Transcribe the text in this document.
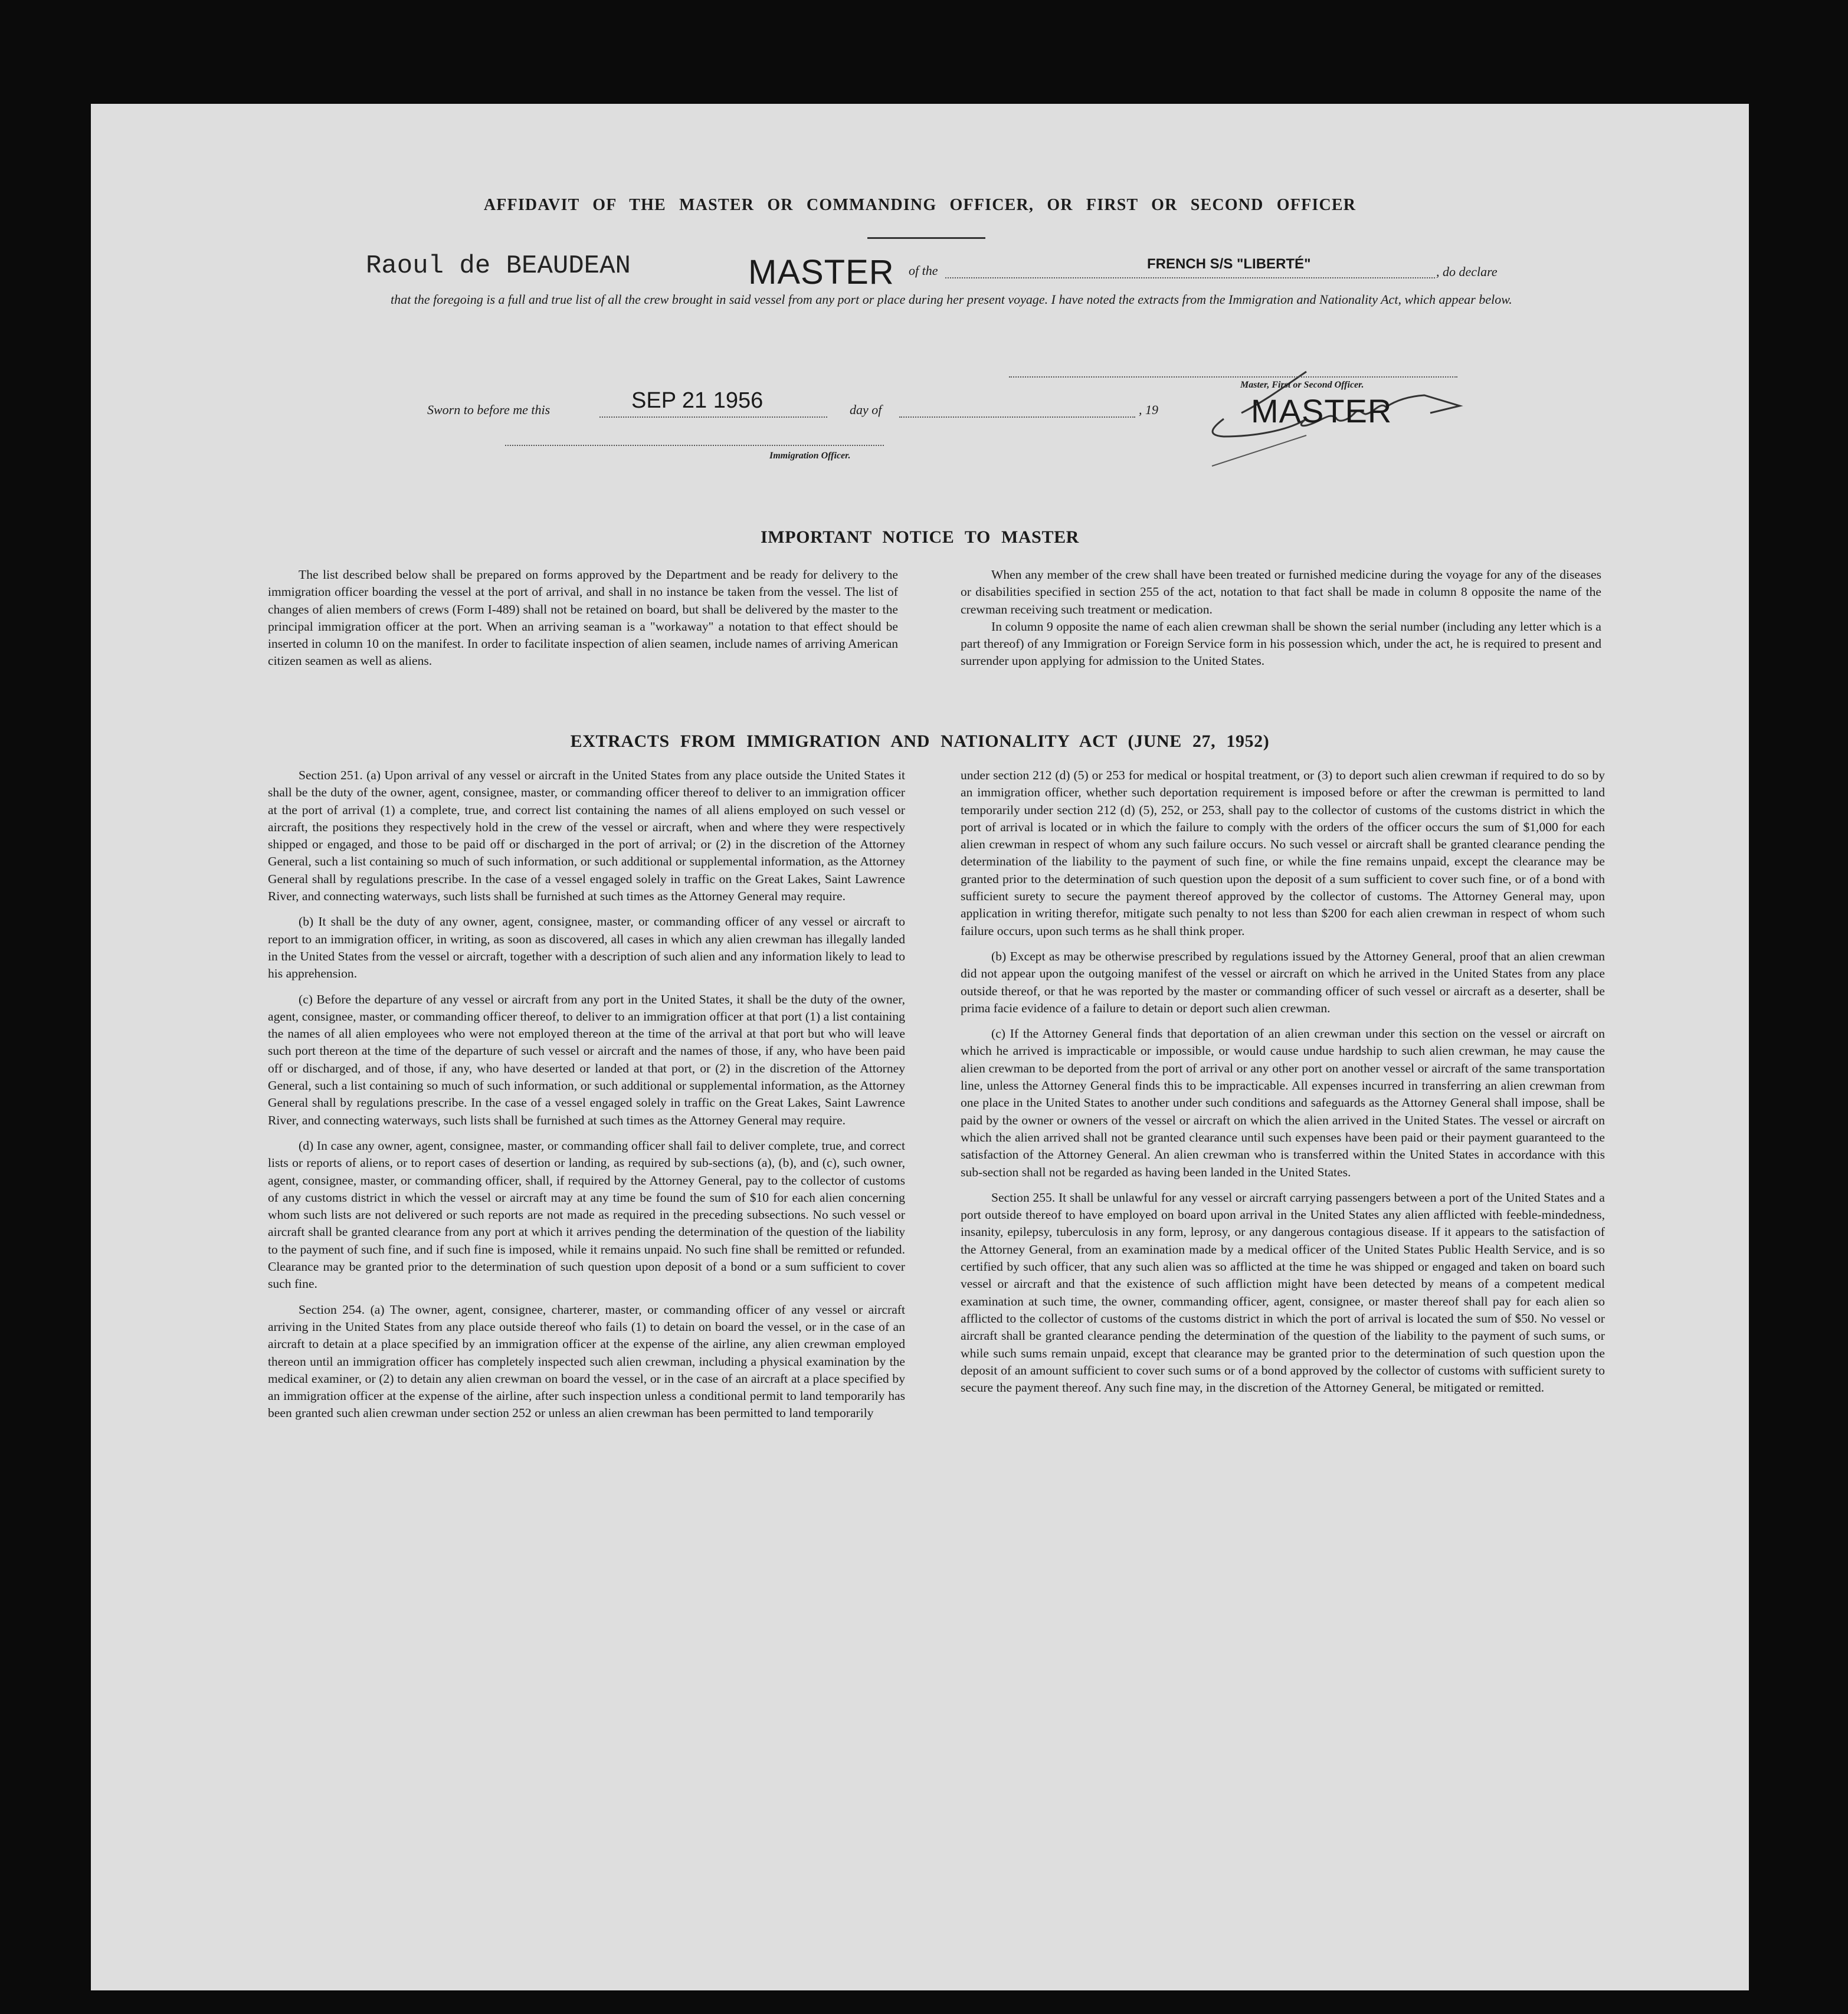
AFFIDAVIT OF THE MASTER OR COMMANDING OFFICER, OR FIRST OR SECOND OFFICER
Raoul de BEAUDEAN	MASTER of the	FRENCH S/S "LIBERTÉ"	, do declare
that the foregoing is a full and true list of all the crew brought in said vessel from any port or place during her present voyage. I have noted the extracts from the Immigration and Nationality Act, which appear below.
Master, First or Second Officer.
MASTER
Sworn to before me this	SEP 21 1956	day of	, 19
Immigration Officer.
IMPORTANT NOTICE TO MASTER

The list described below shall be prepared on forms approved by the Department and be ready for delivery to the immigration officer boarding the vessel at the port of arrival, and shall in no instance be taken from the vessel. The list of changes of alien members of crews (Form I-489) shall not be retained on board, but shall be delivered by the master to the principal immigration officer at the port. When an arriving seaman is a "workaway" a notation to that effect should be inserted in column 10 on the manifest. In order to facilitate inspection of alien seamen, include names of arriving American citizen seamen as well as aliens.

When any member of the crew shall have been treated or furnished medicine during the voyage for any of the diseases or disabilities specified in section 255 of the act, notation to that fact shall be made in column 8 opposite the name of the crewman receiving such treatment or medication.

In column 9 opposite the name of each alien crewman shall be shown the serial number (including any letter which is a part thereof) of any Immigration or Foreign Service form in his possession which, under the act, he is required to present and surrender upon applying for admission to the United States.

EXTRACTS FROM IMMIGRATION AND NATIONALITY ACT (JUNE 27, 1952)

Section 251. (a) Upon arrival of any vessel or aircraft in the United States from any place outside the United States it shall be the duty of the owner, agent, consignee, master, or commanding officer thereof to deliver to an immigration officer at the port of arrival (1) a complete, true, and correct list containing the names of all aliens employed on such vessel or aircraft, the positions they respectively hold in the crew of the vessel or aircraft, when and where they were respectively shipped or engaged, and those to be paid off or discharged in the port of arrival; or (2) in the discretion of the Attorney General, such a list containing so much of such information, or such additional or supplemental information, as the Attorney General shall by regulations prescribe. In the case of a vessel engaged solely in traffic on the Great Lakes, Saint Lawrence River, and connecting waterways, such lists shall be furnished at such times as the Attorney General may require.

(b) It shall be the duty of any owner, agent, consignee, master, or commanding officer of any vessel or aircraft to report to an immigration officer, in writing, as soon as discovered, all cases in which any alien crewman has illegally landed in the United States from the vessel or aircraft, together with a description of such alien and any information likely to lead to his apprehension.

(c) Before the departure of any vessel or aircraft from any port in the United States, it shall be the duty of the owner, agent, consignee, master, or commanding officer thereof, to deliver to an immigration officer at that port (1) a list containing the names of all alien employees who were not employed thereon at the time of the arrival at that port but who will leave such port thereon at the time of the departure of such vessel or aircraft and the names of those, if any, who have been paid off or discharged, and of those, if any, who have deserted or landed at that port, or (2) in the discretion of the Attorney General, such a list containing so much of such information, or such additional or supplemental information, as the Attorney General shall by regulations prescribe. In the case of a vessel engaged solely in traffic on the Great Lakes, Saint Lawrence River, and connecting waterways, such lists shall be furnished at such times as the Attorney General may require.

(d) In case any owner, agent, consignee, master, or commanding officer shall fail to deliver complete, true, and correct lists or reports of aliens, or to report cases of desertion or landing, as required by sub-sections (a), (b), and (c), such owner, agent, consignee, master, or commanding officer, shall, if required by the Attorney General, pay to the collector of customs of any customs district in which the vessel or aircraft may at any time be found the sum of $10 for each alien concerning whom such lists are not delivered or such reports are not made as required in the preceding subsections. No such vessel or aircraft shall be granted clearance from any port at which it arrives pending the determination of the question of the liability to the payment of such fine, and if such fine is imposed, while it remains unpaid. No such fine shall be remitted or refunded. Clearance may be granted prior to the determination of such question upon deposit of a bond or a sum sufficient to cover such fine.

Section 254. (a) The owner, agent, consignee, charterer, master, or commanding officer of any vessel or aircraft arriving in the United States from any place outside thereof who fails (1) to detain on board the vessel, or in the case of an aircraft to detain at a place specified by an immigration officer at the expense of the airline, any alien crewman employed thereon until an immigration officer has completely inspected such alien crewman, including a physical examination by the medical examiner, or (2) to detain any alien crewman on board the vessel, or in the case of an aircraft at a place specified by an immigration officer at the expense of the airline, after such inspection unless a conditional permit to land temporarily has been granted such alien crewman under section 252 or unless an alien crewman has been permitted to land temporarily

under section 212 (d) (5) or 253 for medical or hospital treatment, or (3) to deport such alien crewman if required to do so by an immigration officer, whether such deportation requirement is imposed before or after the crewman is permitted to land temporarily under section 212 (d) (5), 252, or 253, shall pay to the collector of customs of the customs district in which the port of arrival is located or in which the failure to comply with the orders of the officer occurs the sum of $1,000 for each alien crewman in respect of whom any such failure occurs. No such vessel or aircraft shall be granted clearance pending the determination of the liability to the payment of such fine, or while the fine remains unpaid, except the clearance may be granted prior to the determination of such question upon the deposit of a sum sufficient to cover such fine, or of a bond with sufficient surety to secure the payment thereof approved by the collector of customs. The Attorney General may, upon application in writing therefor, mitigate such penalty to not less than $200 for each alien crewman in respect of whom such failure occurs, upon such terms as he shall think proper.

(b) Except as may be otherwise prescribed by regulations issued by the Attorney General, proof that an alien crewman did not appear upon the outgoing manifest of the vessel or aircraft on which he arrived in the United States from any place outside thereof, or that he was reported by the master or commanding officer of such vessel or aircraft as a deserter, shall be prima facie evidence of a failure to detain or deport such alien crewman.

(c) If the Attorney General finds that deportation of an alien crewman under this section on the vessel or aircraft on which he arrived is impracticable or impossible, or would cause undue hardship to such alien crewman, he may cause the alien crewman to be deported from the port of arrival or any other port on another vessel or aircraft of the same transportation line, unless the Attorney General finds this to be impracticable. All expenses incurred in transferring an alien crewman from one place in the United States to another under such conditions and safeguards as the Attorney General shall impose, shall be paid by the owner or owners of the vessel or aircraft on which the alien arrived in the United States. The vessel or aircraft on which the alien arrived shall not be granted clearance until such expenses have been paid or their payment guaranteed to the satisfaction of the Attorney General. An alien crewman who is transferred within the United States in accordance with this sub-section shall not be regarded as having been landed in the United States.

Section 255. It shall be unlawful for any vessel or aircraft carrying passengers between a port of the United States and a port outside thereof to have employed on board upon arrival in the United States any alien afflicted with feeble-mindedness, insanity, epilepsy, tuberculosis in any form, leprosy, or any dangerous contagious disease. If it appears to the satisfaction of the Attorney General, from an examination made by a medical officer of the United States Public Health Service, and is so certified by such officer, that any such alien was so afflicted at the time he was shipped or engaged and taken on board such vessel or aircraft and that the existence of such affliction might have been detected by means of a competent medical examination at such time, the owner, commanding officer, agent, consignee, or master thereof shall pay for each alien so afflicted to the collector of customs of the customs district in which the port of arrival is located the sum of $50. No vessel or aircraft shall be granted clearance pending the determination of the question of the liability to the payment of such sums, or while such sums remain unpaid, except that clearance may be granted prior to the determination of such question upon the deposit of an amount sufficient to cover such sums or of a bond approved by the collector of customs with sufficient surety to secure the payment thereof. Any such fine may, in the discretion of the Attorney General, be mitigated or remitted.
